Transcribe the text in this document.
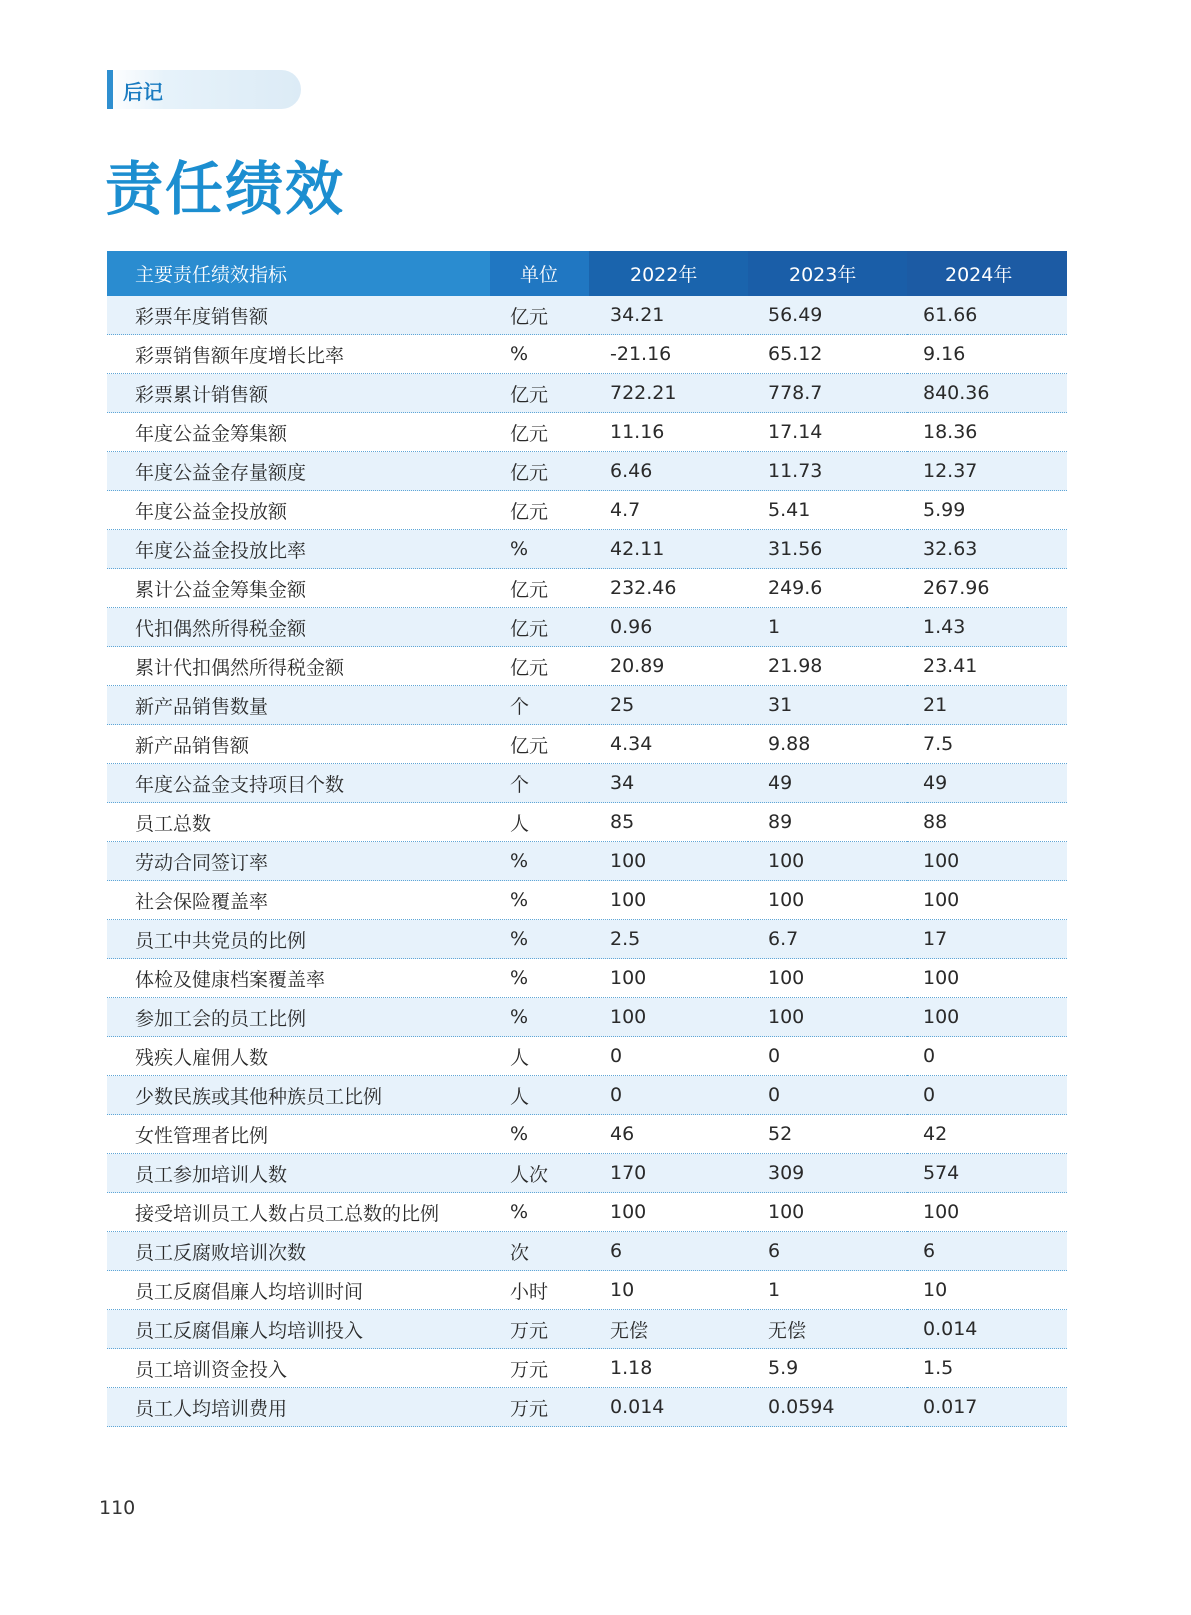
后记
责任绩效
主要责任绩效指标	单位	2022年	2023年	2024年
彩票年度销售额	亿元	34.21	56.49	61.66
彩票销售额年度增长比率	%	-21.16	65.12	9.16
彩票累计销售额	亿元	722.21	778.7	840.36
年度公益金筹集额	亿元	11.16	17.14	18.36
年度公益金存量额度	亿元	6.46	11.73	12.37
年度公益金投放额	亿元	4.7	5.41	5.99
年度公益金投放比率	%	42.11	31.56	32.63
累计公益金筹集金额	亿元	232.46	249.6	267.96
代扣偶然所得税金额	亿元	0.96	1	1.43
累计代扣偶然所得税金额	亿元	20.89	21.98	23.41
新产品销售数量	个	25	31	21
新产品销售额	亿元	4.34	9.88	7.5
年度公益金支持项目个数	个	34	49	49
员工总数	人	85	89	88
劳动合同签订率	%	100	100	100
社会保险覆盖率	%	100	100	100
员工中共党员的比例	%	2.5	6.7	17
体检及健康档案覆盖率	%	100	100	100
参加工会的员工比例	%	100	100	100
残疾人雇佣人数	人	0	0	0
少数民族或其他种族员工比例	人	0	0	0
女性管理者比例	%	46	52	42
员工参加培训人数	人次	170	309	574
接受培训员工人数占员工总数的比例	%	100	100	100
员工反腐败培训次数	次	6	6	6
员工反腐倡廉人均培训时间	小时	10	1	10
员工反腐倡廉人均培训投入	万元	无偿	无偿	0.014
员工培训资金投入	万元	1.18	5.9	1.5
员工人均培训费用	万元	0.014	0.0594	0.017
110
